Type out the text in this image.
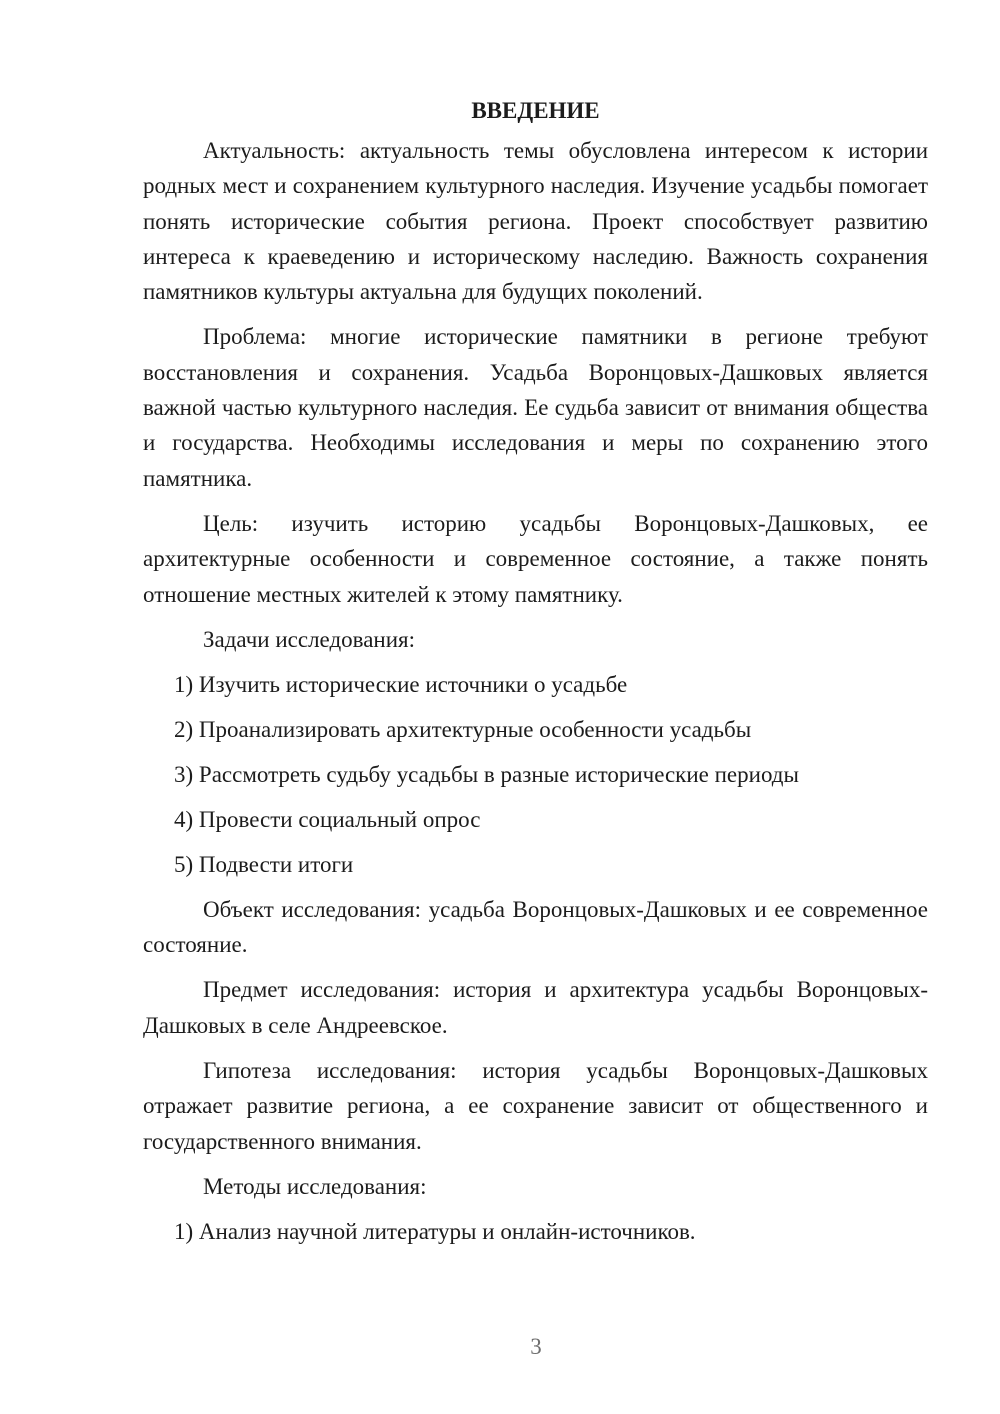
ВВЕДЕНИЕ

Актуальность: актуальность темы обусловлена интересом к истории родных мест и сохранением культурного наследия. Изучение усадьбы помогает понять исторические события региона. Проект способствует развитию интереса к краеведению и историческому наследию. Важность сохранения памятников культуры актуальна для будущих поколений.

Проблема: многие исторические памятники в регионе требуют восстановления и сохранения. Усадьба Воронцовых-Дашковых является важной частью культурного наследия. Ее судьба зависит от внимания общества и государства. Необходимы исследования и меры по сохранению этого памятника.

Цель: изучить историю усадьбы Воронцовых-Дашковых, ее архитектурные особенности и современное состояние, а также понять отношение местных жителей к этому памятнику.

Задачи исследования:

1) Изучить исторические источники о усадьбе
2) Проанализировать архитектурные особенности усадьбы
3) Рассмотреть судьбу усадьбы в разные исторические периоды
4) Провести социальный опрос
5) Подвести итоги

Объект исследования: усадьба Воронцовых-Дашковых и ее современное состояние.

Предмет исследования: история и архитектура усадьбы Воронцовых-Дашковых в селе Андреевское.

Гипотеза исследования: история усадьбы Воронцовых-Дашковых отражает развитие региона, а ее сохранение зависит от общественного и государственного внимания.

Методы исследования:

1) Анализ научной литературы и онлайн-источников.
3
